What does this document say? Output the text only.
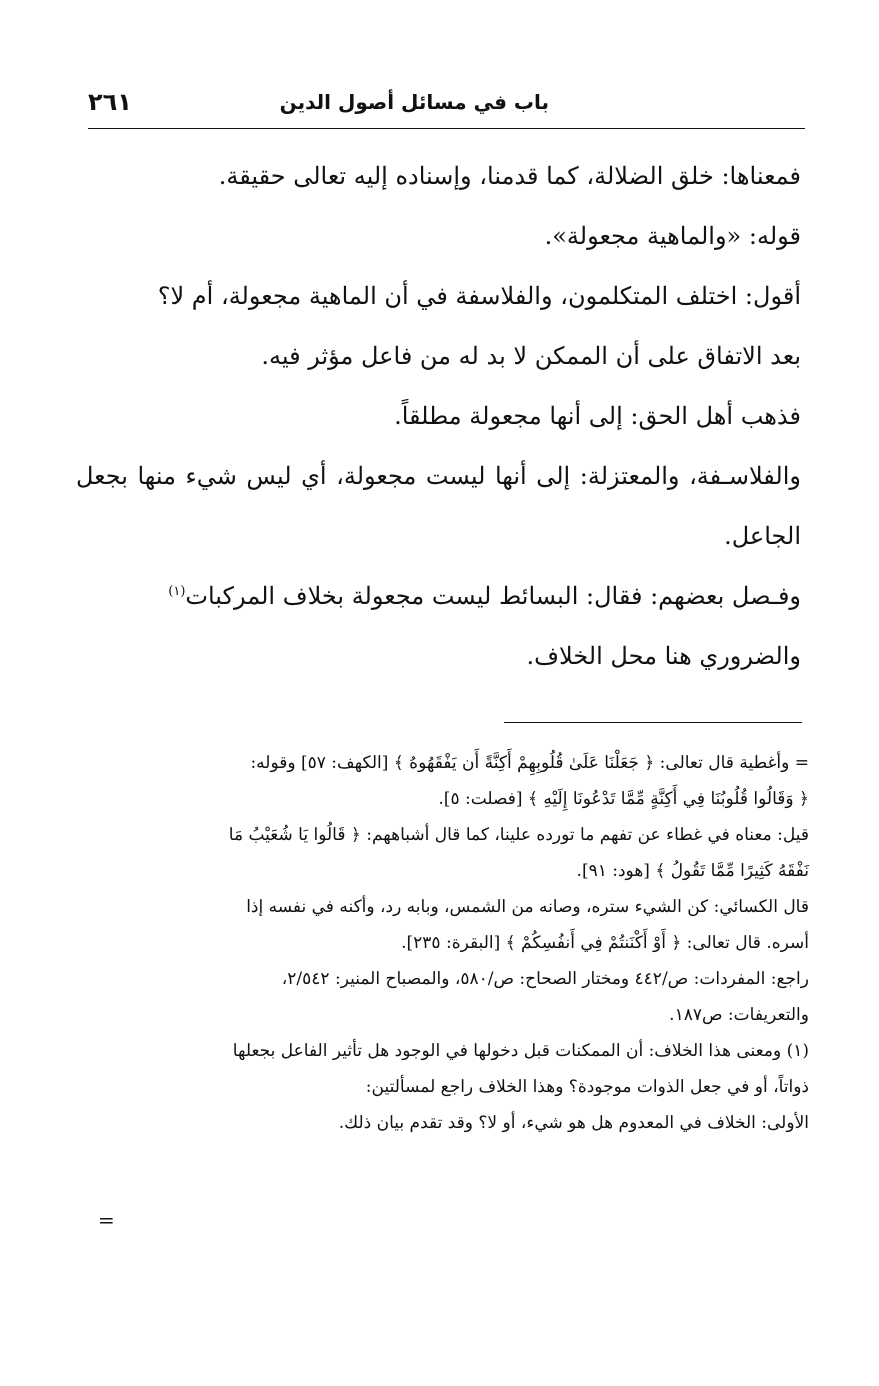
باب في مسائل أصول الدين
٢٦١

فمعناها: خلق الضلالة، كما قدمنا، وإسناده إليه تعالى حقيقة.

قوله: «والماهية مجعولة».

أقول: اختلف المتكلمون، والفلاسفة في أن الماهية مجعولة، أم لا؟

بعد الاتفاق على أن الممكن لا بد له من فاعل مؤثر فيه.

فذهب أهل الحق: إلى أنها مجعولة مطلقاً.

والفلاسـفة، والمعتزلة: إلى أنها ليست مجعولة، أي ليس شيء منها بجعل الجاعل.

وفـصل بعضهم: فقال: البسائط ليست مجعولة بخلاف المركبات$^{(١)}$

والضروري هنا محل الخلاف.

= وأغطية قال تعالى: ﴿ جَعَلْنَا عَلَىٰ قُلُوبِهِمْ أَكِنَّةً أَن يَفْقَهُوهُ ﴾ [الكهف: ٥٧] وقوله:
﴿ وَقَالُوا قُلُوبُنَا فِي أَكِنَّةٍ مِّمَّا تَدْعُونَا إِلَيْهِ ﴾ [فصلت: ٥].
قيل: معناه في غطاء عن تفهم ما تورده علينا، كما قال أشباههم: ﴿ قَالُوا يَا شُعَيْبُ مَا
نَفْقَهُ كَثِيرًا مِّمَّا تَقُولُ ﴾ [هود: ٩١].
قال الكسائي: كن الشيء ستره، وصانه من الشمس، وبابه رد، وأكنه في نفسه إذا
أسره. قال تعالى: ﴿ أَوْ أَكْنَنتُمْ فِي أَنفُسِكُمْ ﴾ [البقرة: ٢٣٥].
راجع: المفردات: ص/٤٤٢ ومختار الصحاح: ص/٥٨٠، والمصباح المنير: ٢/٥٤٢،
والتعريفات: ص١٨٧.
(١) ومعنى هذا الخلاف: أن الممكنات قبل دخولها في الوجود هل تأثير الفاعل بجعلها
ذواتاً، أو في جعل الذوات موجودة؟ وهذا الخلاف راجع لمسألتين:
الأولى: الخلاف في المعدوم هل هو شيء، أو لا؟ وقد تقدم بيان ذلك.
=
